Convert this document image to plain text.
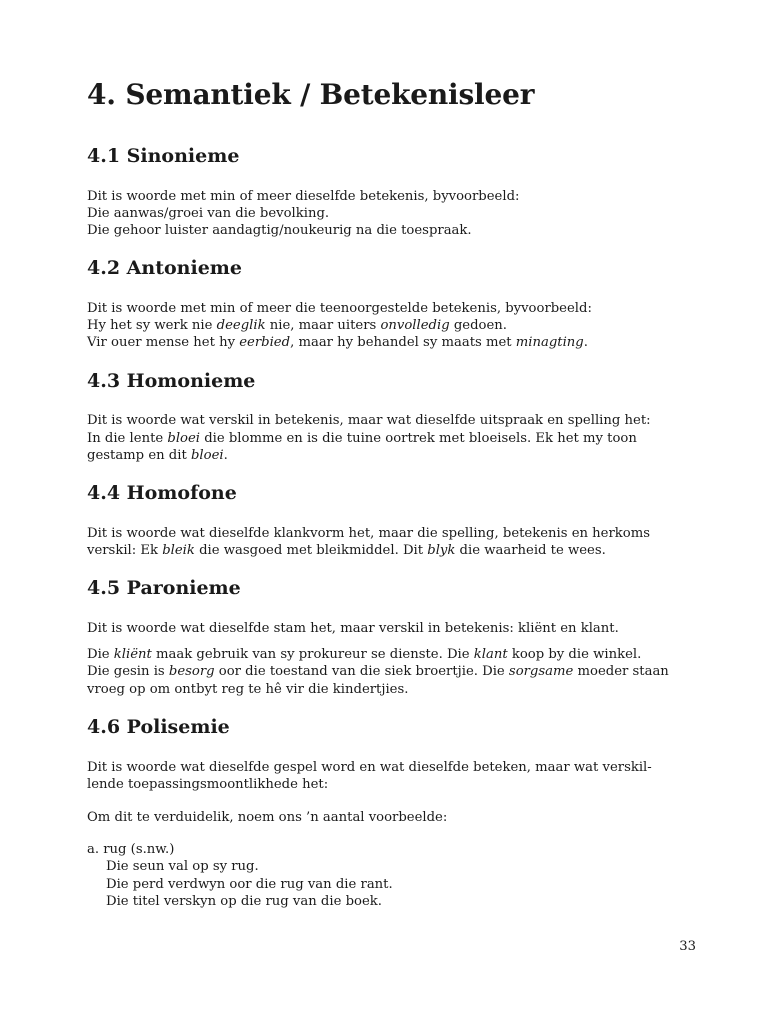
4. Semantiek / Betekenisleer
4.1 Sinonieme

Dit is woorde met min of meer dieselfde betekenis, byvoorbeeld:

Die aanwas/groei van die bevolking.

Die gehoor luister aandagtig/noukeurig na die toespraak.

4.2 Antonieme

Dit is woorde met min of meer die teenoorgestelde betekenis, byvoorbeeld:

Hy het sy werk nie deeglik nie, maar uiters onvolledig gedoen.

Vir ouer mense het hy eerbied, maar hy behandel sy maats met minagting.

4.3 Homonieme

Dit is woorde wat verskil in betekenis, maar wat dieselfde uitspraak en spelling het:

In die lente bloei die blomme en is die tuine oortrek met bloeisels. Ek het my toon

gestamp en dit bloei.

4.4 Homofone

Dit is woorde wat dieselfde klankvorm het, maar die spelling, betekenis en herkoms

verskil: Ek bleik die wasgoed met bleikmiddel. Dit blyk die waarheid te wees.

4.5 Paronieme

Dit is woorde wat dieselfde stam het, maar verskil in betekenis: kliënt en klant.

Die kliënt maak gebruik van sy prokureur se dienste. Die klant koop by die winkel.

Die gesin is besorg oor die toestand van die siek broertjie. Die sorgsame moeder staan

vroeg op om ontbyt reg te hê vir die kindertjies.

4.6 Polisemie

Dit is woorde wat dieselfde gespel word en wat dieselfde beteken, maar wat verskil-

lende toepassingsmoontlikhede het:

Om dit te verduidelik, noem ons ’n aantal voorbeelde:

a. rug (s.nw.)
Die seun val op sy rug.
Die perd verdwyn oor die rug van die rant.
Die titel verskyn op die rug van die boek.
33
